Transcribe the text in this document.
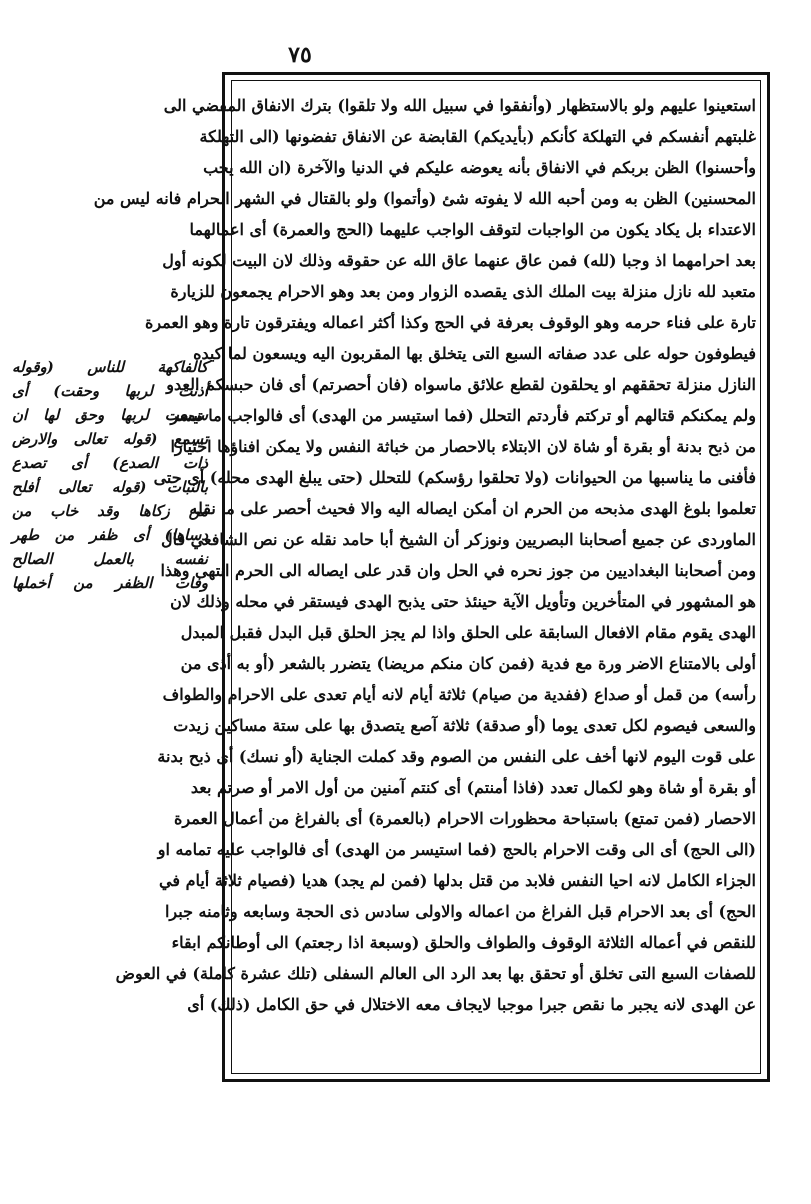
٧٥
استعينوا عليهم ولو بالاستظهار (وأنفقوا في سبيل الله ولا تلقوا) بترك الانفاق المفضي الى
غلبتهم أنفسكم في التهلكة كأنكم (بأيديكم) القابضة عن الانفاق تفضونها (الى التهلكة
وأحسنوا) الظن بربكم في الانفاق بأنه يعوضه عليكم في الدنيا والآخرة (ان الله يحب
المحسنين) الظن به ومن أحبه الله لا يفوته شئ (وأتموا) ولو بالقتال في الشهر الحرام فانه ليس من
الاعتداء بل يكاد يكون من الواجبات لتوقف الواجب عليهما (الحج والعمرة) أى اعمالهما
بعد احرامهما اذ وجبا (لله) فمن عاق عنهما عاق الله عن حقوقه وذلك لان البيت لكونه أول
متعبد لله نازل منزلة بيت الملك الذى يقصده الزوار ومن بعد وهو الاحرام يجمعون للزيارة
تارة على فناء حرمه وهو الوقوف بعرفة في الحج وكذا أكثر اعماله ويفترقون تارة وهو العمرة
فيطوفون حوله على عدد صفاته السبع التى يتخلق بها المقربون اليه ويسعون لما كيده
النازل منزلة تحققهم او يحلقون لقطع علائق ماسواه (فان أحصرتم) أى فان حبسكم العدو
ولم يمكنكم قتالهم أو تركتم فأردتم التحلل (فما استيسر من الهدى) أى فالواجب ما تيسر
من ذبح بدنة أو بقرة أو شاة لان الابتلاء بالاحصار من خباثة النفس ولا يمكن افناؤها اختيارا
فأفنى ما يناسبها من الحيوانات (ولا تحلقوا رؤسكم) للتحلل (حتى يبلغ الهدى محله) أى حتى
تعلموا بلوغ الهدى مذبحه من الحرم ان أمكن ايصاله اليه والا فحيث أحصر على ما نقله
الماوردى عن جميع أصحابنا البصريين ونوزكر أن الشيخ أبا حامد نقله عن نص الشافعي قال
ومن أصحابنا البغداديين من جوز نحره في الحل وان قدر على ايصاله الى الحرم انتهى وهذا
هو المشهور في المتأخرين وتأويل الآية حينئذ حتى يذبح الهدى فيستقر في محله وذلك لان
الهدى يقوم مقام الافعال السابقة على الحلق واذا لم يجز الحلق قبل البدل فقبل المبدل
أولى بالامتناع الاضر ورة مع فدية (فمن كان منكم مريضا) يتضرر بالشعر (أو به أذى من
رأسه) من قمل أو صداع (ففدية من صيام) ثلاثة أيام لانه أيام تعدى على الاحرام والطواف
والسعى فيصوم لكل تعدى يوما (أو صدقة) ثلاثة آصع يتصدق بها على ستة مساكين زيدت
على قوت اليوم لانها أخف على النفس من الصوم وقد كملت الجناية (أو نسك) أى ذبح بدنة
أو بقرة أو شاة وهو لكمال تعدد (فاذا أمنتم) أى كنتم آمنين من أول الامر أو صرتم بعد
الاحصار (فمن تمتع) باستباحة محظورات الاحرام (بالعمرة) أى بالفراغ من أعمال العمرة
(الى الحج) أى الى وقت الاحرام بالحج (فما استيسر من الهدى) أى فالواجب عليه تمامه او
الجزاء الكامل لانه احيا النفس فلابد من قتل بدلها (فمن لم يجد) هديا (فصيام ثلاثة أيام في
الحج) أى بعد الاحرام قبل الفراغ من اعماله والاولى سادس ذى الحجة وسابعه وثامنه جبرا
للنقص في أعماله الثلاثة الوقوف والطواف والحلق (وسبعة اذا رجعتم) الى أوطانكم ابقاء
للصفات السبع التى تخلق أو تحقق بها بعد الرد الى العالم السفلى (تلك عشرة كاملة) في العوض
عن الهدى لانه يجبر ما نقص جبرا موجبا لايجاف معه الاختلال في حق الكامل (ذلك) أى
كالفاكهة للناس (وقوله
أذنت لربها وحقت) أى
سمعت لربها وحق لها ان
تسمع (قوله تعالى والارض
ذات الصدع) أى تصدع
بالنبات (قوله تعالى أفلح
من زكاها وقد خاب من
دساها) أى ظفر من طهر
نفسه بالعمل الصالح
وفات الظفر من أخملها
